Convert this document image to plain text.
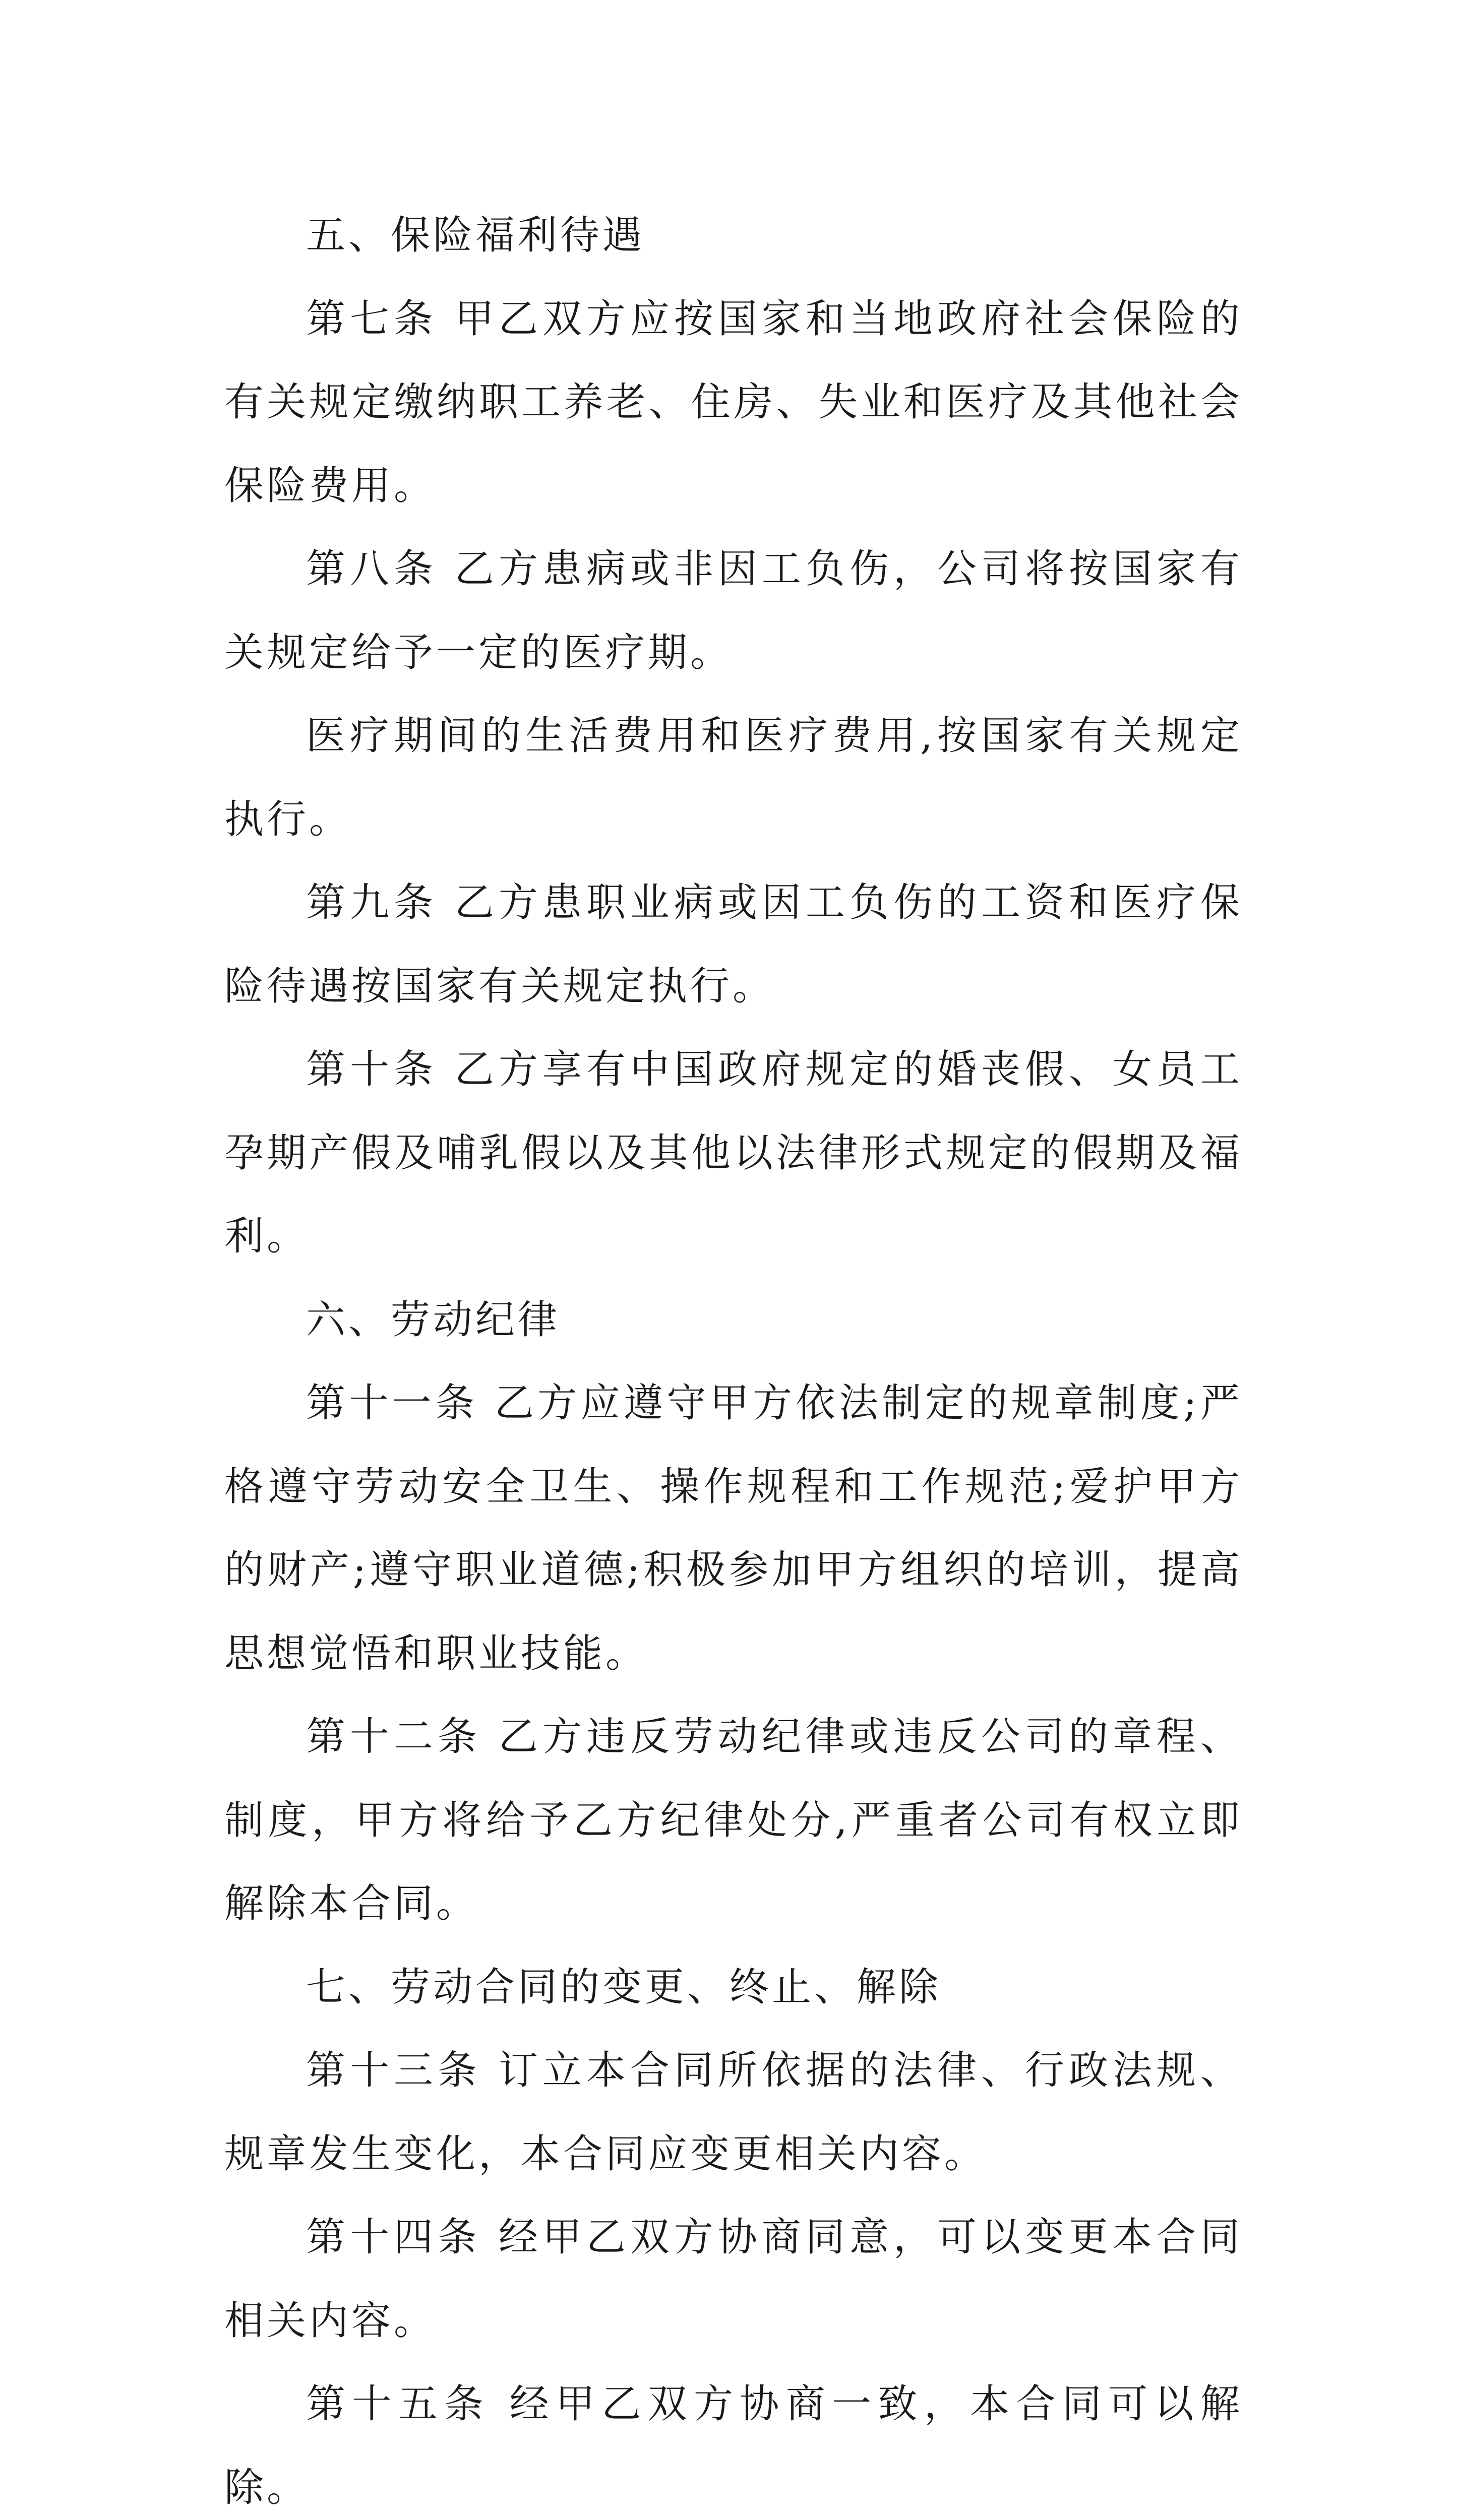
五、保险福利待遇

第七条 甲乙双方应按国家和当地政府社会保险的有关规定缴纳职工养老、住房、失业和医疗及其他社会保险费用。

第八条 乙方患病或非因工负伤，公司将按国家有关规定给予一定的医疗期。

医疗期间的生活费用和医疗费用,按国家有关规定执行。

第九条 乙方患职业病或因工负伤的工资和医疗保险待遇按国家有关规定执行。

第十条 乙方享有中国政府规定的婚丧假、女员工孕期产假及哺乳假以及其他以法律形式规定的假期及福利。

六、劳动纪律

第十一条 乙方应遵守甲方依法制定的规章制度;严格遵守劳动安全卫生、操作规程和工作规范;爱护甲方的财产;遵守职业道德;积极参加甲方组织的培训，提高思想觉悟和职业技能。

第十二条 乙方违反劳动纪律或违反公司的章程、制度，甲方将给予乙方纪律处分,严重者公司有权立即解除本合同。

七、劳动合同的变更、终止、解除

第十三条 订立本合同所依据的法律、行政法规、规章发生变化，本合同应变更相关内容。

第十四条 经甲乙双方协商同意，可以变更本合同相关内容。

第十五条 经甲乙双方协商一致，本合同可以解除。
